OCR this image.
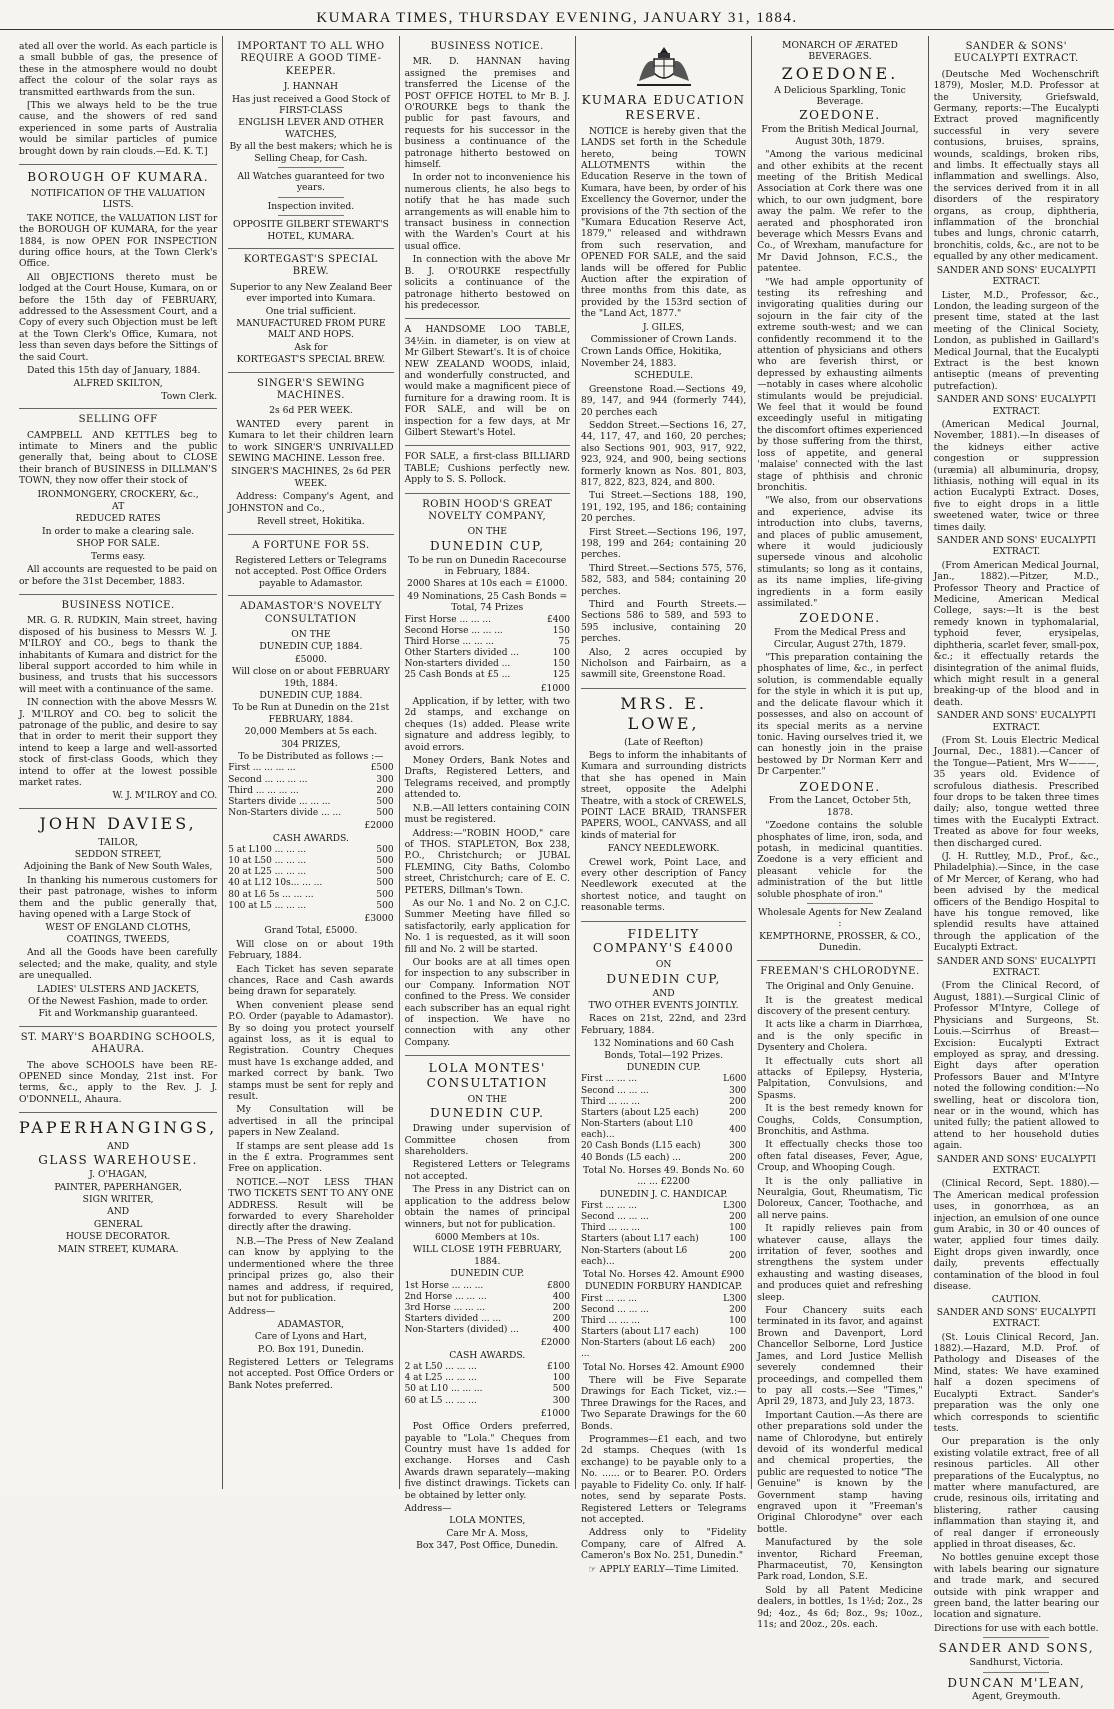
KUMARA TIMES, THURSDAY EVENING, JANUARY 31, 1884.

ated all over the world. As each particle is a small bubble of gas, the presence of these in the atmosphere would no doubt affect the colour of the solar rays as transmitted earthwards from the sun.

[This we always held to be the true cause, and the showers of red sand experienced in some parts of Australia would be similar particles of pumice brought down by rain clouds.—Ed. K. T.]

BOROUGH OF KUMARA.
NOTIFICATION OF THE VALUATION LISTS.

TAKE NOTICE, the VALUATION LIST for the BOROUGH OF KUMARA, for the year 1884, is now OPEN FOR INSPECTION during office hours, at the Town Clerk's Office.

All OBJECTIONS thereto must be lodged at the Court House, Kumara, on or before the 15th day of FEBRUARY, addressed to the Assessment Court, and a Copy of every such Objection must be left at the Town Clerk's Office, Kumara, not less than seven days before the Sittings of the said Court.

Dated this 15th day of January, 1884.

ALFRED SKILTON,
Town Clerk.
SELLING OFF

CAMPBELL AND KETTLES beg to intimate to Miners and the public generally that, being about to CLOSE their branch of BUSINESS in DILLMAN'S TOWN, they now offer their stock of

IRONMONGERY, CROCKERY, &c.,
AT
REDUCED RATES
In order to make a clearing sale.
SHOP FOR SALE.
Terms easy.

All accounts are requested to be paid on or before the 31st December, 1883.

BUSINESS NOTICE.

MR. G. R. RUDKIN, Main street, having disposed of his business to Messrs W. J. M'ILROY and CO., begs to thank the inhabitants of Kumara and district for the liberal support accorded to him while in business, and trusts that his successors will meet with a continuance of the same.

IN connection with the above Messrs W. J. M'ILROY and CO. beg to solicit the patronage of the public, and desire to say that in order to merit their support they intend to keep a large and well-assorted stock of first-class Goods, which they intend to offer at the lowest possible market rates.

W. J. M'ILROY and CO.
JOHN DAVIES,
TAILOR,
SEDDON STREET,
Adjoining the Bank of New South Wales,

In thanking his numerous customers for their past patronage, wishes to inform them and the public generally that, having opened with a Large Stock of

WEST OF ENGLAND CLOTHS, COATINGS, TWEEDS,

And all the Goods have been carefully selected; and the make, quality, and style are unequalled.

LADIES' ULSTERS AND JACKETS,
Of the Newest Fashion, made to order.
Fit and Workmanship guaranteed.
ST. MARY'S BOARDING SCHOOLS, AHAURA.

The above SCHOOLS have been RE-OPENED since Monday, 21st inst. For terms, &c., apply to the Rev. J. J. O'DONNELL, Ahaura.

PAPERHANGINGS,
AND
GLASS WAREHOUSE.
J. O'HAGAN,
PAINTER, PAPERHANGER,
SIGN WRITER,
AND
GENERAL
HOUSE DECORATOR.
MAIN STREET, KUMARA.
IMPORTANT TO ALL WHO REQUIRE A GOOD TIME-KEEPER.
J. HANNAH
Has just received a Good Stock of FIRST-CLASS
ENGLISH LEVER AND OTHER WATCHES,
By all the best makers; which he is Selling Cheap, for Cash.
All Watches guaranteed for two years.
Inspection invited.
OPPOSITE GILBERT STEWART'S HOTEL, KUMARA.
KORTEGAST'S SPECIAL BREW.
Superior to any New Zealand Beer ever imported into Kumara.
One trial sufficient.
MANUFACTURED FROM PURE MALT AND HOPS.
Ask for
KORTEGAST'S SPECIAL BREW.
SINGER'S SEWING MACHINES.
2s 6d PER WEEK.

WANTED every parent in Kumara to let their children learn to work SINGER'S UNRIVALLED SEWING MACHINE. Lesson free.

SINGER'S MACHINES, 2s 6d PER WEEK.

Address: Company's Agent, and JOHNSTON and Co.,

Revell street, Hokitika.
A FORTUNE FOR 5S.
Registered Letters or Telegrams not accepted. Post Office Orders payable to Adamastor.
ADAMASTOR'S NOVELTY CONSULTATION
ON THE
DUNEDIN CUP, 1884.
£5000.
Will close on or about FEBRUARY 19th, 1884.
DUNEDIN CUP, 1884.
To be Run at Dunedin on the 21st FEBRUARY, 1884.
20,000 Members at 5s each.
304 PRIZES,
To be Distributed as follows :—
First ... ... ... ...	£500
Second ... ... ... ...	300
Third ... ... ... ...	200
Starters divide ... ... ...	500
Non-Starters divide ... ...	500
£2000
CASH AWARDS.
5 at L100 ... ... ...	500
10 at L50 ... ... ...	500
20 at L25 ... ... ...	500
40 at L12 10s... ... ...	500
80 at L6 5s ... ... ...	500
100 at L5 ... ... ...	500
£3000
Grand Total, £5000.

Will close on or about 19th February, 1884.

Each Ticket has seven separate chances, Race and Cash awards being drawn for separately.

When convenient please send P.O. Order (payable to Adamastor). By so doing you protect yourself against loss, as it is equal to Registration. Country Cheques must have 1s exchange added, and marked correct by bank. Two stamps must be sent for reply and result.

My Consultation will be advertised in all the principal papers in New Zealand.

If stamps are sent please add 1s in the £ extra. Programmes sent Free on application.

NOTICE.—NOT LESS THAN TWO TICKETS SENT TO ANY ONE ADDRESS. Result will be forwarded to every Shareholder directly after the drawing.

N.B.—The Press of New Zealand can know by applying to the undermentioned where the three principal prizes go, also their names and address, if required, but not for publication.

Address—
ADAMASTOR,
Care of Lyons and Hart,
P.O. Box 191, Dunedin.

Registered Letters or Telegrams not accepted. Post Office Orders or Bank Notes preferred.

BUSINESS NOTICE.

MR. D. HANNAN having assigned the premises and transferred the License of the POST OFFICE HOTEL to Mr B. J. O'ROURKE begs to thank the public for past favours, and requests for his successor in the business a continuance of the patronage hitherto bestowed on himself.

In order not to inconvenience his numerous clients, he also begs to notify that he has made such arrangements as will enable him to transact business in connection with the Warden's Court at his usual office.

In connection with the above Mr B. J. O'ROURKE respectfully solicits a continuance of the patronage hitherto bestowed on his predecessor.

A HANDSOME LOO TABLE, 34½in. in diameter, is on view at Mr Gilbert Stewart's. It is of choice NEW ZEALAND WOODS, inlaid, and wonderfully constructed, and would make a magnificent piece of furniture for a drawing room. It is FOR SALE, and will be on inspection for a few days, at Mr Gilbert Stewart's Hotel.

FOR SALE, a first-class BILLIARD TABLE; Cushions perfectly new. Apply to S. S. Pollock.

ROBIN HOOD'S GREAT NOVELTY COMPANY,
ON THE
DUNEDIN CUP,
To be run on Dunedin Racecourse in February, 1884.
2000 Shares at 10s each = £1000.
49 Nominations, 25 Cash Bonds = Total, 74 Prizes
First Horse ... ... ...	£400
Second Horse ... ... ...	150
Third Horse ... ... ...	75
Other Starters divided ...	100
Non-starters divided ...	150
25 Cash Bonds at £5 ...	125
£1000

Application, if by letter, with two 2d stamps, and exchange on cheques (1s) added. Please write signature and address legibly, to avoid errors.

Money Orders, Bank Notes and Drafts, Registered Letters, and Telegrams received, and promptly attended to.

N.B.—All letters containing COIN must be registered.

Address:—"ROBIN HOOD," care of THOS. STAPLETON, Box 238, P.O., Christchurch; or JUBAL FLEMING, City Baths, Colombo street, Christchurch; care of E. C. PETERS, Dillman's Town.

As our No. 1 and No. 2 on C.J.C. Summer Meeting have filled so satisfactorily, early application for No. 1 is requested, as it will soon fill and No. 2 will be started.

Our books are at all times open for inspection to any subscriber in our Company. Information NOT confined to the Press. We consider each subscriber has an equal right of inspection. We have no connection with any other Company.

LOLA MONTES' CONSULTATION
ON THE
DUNEDIN CUP.

Drawing under supervision of Committee chosen from shareholders.

Registered Letters or Telegrams not accepted.

The Press in any District can on application to the address below obtain the names of principal winners, but not for publication.

6000 Members at 10s.
WILL CLOSE 19TH FEBRUARY, 1884.
DUNEDIN CUP.
1st Horse ... ... ...	£800
2nd Horse ... ... ...	400
3rd Horse ... ... ...	200
Starters divided ... ...	200
Non-Starters (divided) ...	400
£2000
CASH AWARDS.
2 at L50 ... ... ...	£100
4 at L25 ... ... ...	100
50 at L10 ... ... ...	500
60 at L5 ... ... ...	300
£1000

Post Office Orders preferred, payable to "Lola." Cheques from Country must have 1s added for exchange. Horses and Cash Awards drawn separately—making five distinct drawings. Tickets can be obtained by letter only.

Address—
LOLA MONTES,
Care Mr A. Moss,
Box 347, Post Office, Dunedin.
KUMARA EDUCATION RESERVE.

NOTICE is hereby given that the LANDS set forth in the Schedule hereto, being TOWN ALLOTMENTS within the Education Reserve in the town of Kumara, have been, by order of his Excellency the Governor, under the provisions of the 7th section of the "Kumara Education Reserve Act, 1879," released and withdrawn from such reservation, and OPENED FOR SALE, and the said lands will be offered for Public Auction after the expiration of three months from this date, as provided by the 153rd section of the "Land Act, 1877."

J. GILES,
Commissioner of Crown Lands.
Crown Lands Office, Hokitika, November 24, 1883.
SCHEDULE.

Greenstone Road.—Sections 49, 89, 147, and 944 (formerly 744), 20 perches each

Seddon Street.—Sections 16, 27, 44, 117, 47, and 160, 20 perches; also Sections 901, 903, 917, 922, 923, 924, and 900, being sections formerly known as Nos. 801, 803, 817, 822, 823, 824, and 800.

Tui Street.—Sections 188, 190, 191, 192, 195, and 186; containing 20 perches.

First Street.—Sections 196, 197, 198, 199 and 264; containing 20 perches.

Third Street.—Sections 575, 576, 582, 583, and 584; containing 20 perches.

Third and Fourth Streets.—Sections 586 to 589, and 593 to 595 inclusive, containing 20 perches.

Also, 2 acres occupied by Nicholson and Fairbairn, as a sawmill site, Greenstone Road.

MRS. E. LOWE,
(Late of Reefton)

Begs to inform the inhabitants of Kumara and surrounding districts that she has opened in Main street, opposite the Adelphi Theatre, with a stock of CREWELS, POINT LACE BRAID, TRANSFER PAPERS, WOOL, CANVASS, and all kinds of material for

FANCY NEEDLEWORK.

Crewel work, Point Lace, and every other description of Fancy Needlework executed at the shortest notice, and taught on reasonable terms.

FIDELITY COMPANY'S £4000
ON
DUNEDIN CUP,
AND
TWO OTHER EVENTS JOINTLY.

Races on 21st, 22nd, and 23rd February, 1884.

132 Nominations and 60 Cash Bonds, Total—192 Prizes.
DUNEDIN CUP.
First ... ... ...	L600
Second ... ... ...	300
Third ... ... ...	200
Starters (about L25 each)	200
Non-Starters (about L10 each)...	400
20 Cash Bonds (L15 each)	300
40 Bonds (L5 each) ...	200
Total No. Horses 49. Bonds No. 60 ... ... £2200
DUNEDIN J. C. HANDICAP.
First ... ... ...	L300
Second ... ... ...	200
Third ... ... ...	100
Starters (about L17 each)	100
Non-Starters (about L6 each)...	200
Total No. Horses 42. Amount £900
DUNEDIN FORBURY HANDICAP.
First ... ... ...	L300
Second ... ... ...	200
Third ... ... ...	100
Starters (about L17 each)	100
Non-Starters (about L6 each) ...	200
Total No. Horses 42. Amount £900

There will be Five Separate Drawings for Each Ticket, viz.:—Three Drawings for the Races, and Two Separate Drawings for the 60 Bonds.

Programmes—£1 each, and two 2d stamps. Cheques (with 1s exchange) to be payable only to a No. ...... or to Bearer. P.O. Orders payable to Fidelity Co. only. If half-notes, send by separate Posts. Registered Letters or Telegrams not accepted.

Address only to "Fidelity Company, care of Alfred A. Cameron's Box No. 251, Dunedin."

☞ APPLY EARLY—Time Limited.
MONARCH OF ÆRATED BEVERAGES.
ZOEDONE.
A Delicious Sparkling, Tonic Beverage.
ZOEDONE.
From the British Medical Journal, August 30th, 1879.

"Among the various medicinal and other exhibits at the recent meeting of the British Medical Association at Cork there was one which, to our own judgment, bore away the palm. We refer to the aerated and phosphorated iron beverage which Messrs Evans and Co., of Wrexham, manufacture for Mr David Johnson, F.C.S., the patentee.

"We had ample opportunity of testing its refreshing and invigorating qualities during our sojourn in the fair city of the extreme south-west; and we can confidently recommend it to the attention of physicians and others who are feverish thirst, or depressed by exhausting ailments—notably in cases where alcoholic stimulants would be prejudicial. We feel that it would be found exceedingly useful in mitigating the discomfort oftimes experienced by those suffering from the thirst, loss of appetite, and general 'malaise' connected with the last stage of phthisis and chronic bronchitis.

"We also, from our observations and experience, advise its introduction into clubs, taverns, and places of public amusement, where it would judiciously supersede vinous and alcoholic stimulants; so long as it contains, as its name implies, life-giving ingredients in a form easily assimilated."

ZOEDONE.
From the Medical Press and Circular, August 27th, 1879.

"This preparation containing the phosphates of lime, &c., in perfect solution, is commendable equally for the style in which it is put up, and the delicate flavour which it possesses, and also on account of its special merits as a nervine tonic. Having ourselves tried it, we can honestly join in the praise bestowed by Dr Norman Kerr and Dr Carpenter."

ZOEDONE.
From the Lancet, October 5th, 1878.

"Zoedone contains the soluble phosphates of lime, iron, soda, and potash, in medicinal quantities. Zoedone is a very efficient and pleasant vehicle for the administration of the but little soluble phosphate of iron."

Wholesale Agents for New Zealand :
KEMPTHORNE, PROSSER, & CO., Dunedin.
FREEMAN'S CHLORODYNE.
The Original and Only Genuine.

It is the greatest medical discovery of the present century.

It acts like a charm in Diarrhœa, and is the only specific in Dysentery and Cholera.

It effectually cuts short all attacks of Epilepsy, Hysteria, Palpitation, Convulsions, and Spasms.

It is the best remedy known for Coughs, Colds, Consumption, Bronchitis, and Asthma.

It effectually checks those too often fatal diseases, Fever, Ague, Croup, and Whooping Cough.

It is the only palliative in Neuralgia, Gout, Rheumatism, Tic Doloreux, Cancer, Toothache, and all nerve pains.

It rapidly relieves pain from whatever cause, allays the irritation of fever, soothes and strengthens the system under exhausting and wasting diseases, and produces quiet and refreshing sleep.

Four Chancery suits each terminated in its favor, and against Brown and Davenport, Lord Chancellor Selborne, Lord Justice James, and Lord Justice Mellish severely condemned their proceedings, and compelled them to pay all costs.—See "Times," April 29, 1873, and July 23, 1873.

Important Caution.—As there are other preparations sold under the name of Chlorodyne, but entirely devoid of its wonderful medical and chemical properties, the public are requested to notice "The Genuine" is known by the Government stamp having engraved upon it "Freeman's Original Chlorodyne" over each bottle.

Manufactured by the sole inventor, Richard Freeman, Pharmaceutist, 70, Kensington Park road, London, S.E.

Sold by all Patent Medicine dealers, in bottles, 1s 1½d; 2oz., 2s 9d; 4oz., 4s 6d; 8oz., 9s; 10oz., 11s; and 20oz., 20s. each.

SANDER & SONS' EUCALYPTI EXTRACT.

(Deutsche Med Wochenschrift 1879), Mosler, M.D. Professor at the University, Griefswald, Germany, reports:—The Eucalypti Extract proved magnificently successful in very severe contusions, bruises, sprains, wounds, scaldings, broken ribs, and limbs. It effectually stays all inflammation and swellings. Also, the services derived from it in all disorders of the respiratory organs, as croup, diphtheria, inflammation of the bronchial tubes and lungs, chronic catarrh, bronchitis, colds, &c., are not to be equalled by any other medicament.

SANDER AND SONS' EUCALYPTI EXTRACT.

Lister, M.D., Professor, &c., London, the leading surgeon of the present time, stated at the last meeting of the Clinical Society, London, as published in Gaillard's Medical Journal, that the Eucalypti Extract is the best known antiseptic (means of preventing putrefaction).

SANDER AND SONS' EUCALYPTI EXTRACT.

(American Medical Journal, November, 1881).—In diseases of the kidneys either active congestion or suppression (uræmia) all albuminuria, dropsy, lithiasis, nothing will equal in its action Eucalypti Extract. Doses, five to eight drops in a little sweetened water, twice or three times daily.

SANDER AND SONS' EUCALYPTI EXTRACT.

(From American Medical Journal, Jan., 1882).—Pitzer, M.D., Professor Theory and Practice of Medicine, American Medical College, says:—It is the best remedy known in typhomalarial, typhoid fever, erysipelas, diphtheria, scarlet fever, small-pox, &c.; it effectually retards the disintegration of the animal fluids, which might result in a general breaking-up of the blood and in death.

SANDER AND SONS' EUCALYPTI EXTRACT.

(From St. Louis Electric Medical Journal, Dec., 1881).—Cancer of the Tongue—Patient, Mrs W———, 35 years old. Evidence of scrofulous diathesis. Prescribed four drops to be taken three times daily; also, tongue wetted three times with the Eucalypti Extract. Treated as above for four weeks, then discharged cured.

(J. H. Ruttley, M.D., Prof., &c., Philadelphia).—Since, in the case of Mr Mercer, of Kerang, who had been advised by the medical officers of the Bendigo Hospital to have his tongue removed, like splendid results have attained through the application of the Eucalypti Extract.

SANDER AND SONS' EUCALYPTI EXTRACT.

(From the Clinical Record, of August, 1881).—Surgical Clinic of Professor M'Intyre, College of Physicians and Surgeons, St. Louis.—Scirrhus of Breast—Excision: Eucalypti Extract employed as spray, and dressing. Eight days after operation Professors Bauer and M'Intyre noted the following condition:—No swelling, heat or discolora tion, near or in the wound, which has united fully; the patient allowed to attend to her household duties again.

SANDER AND SONS' EUCALYPTI EXTRACT.

(Clinical Record, Sept. 1880).—The American medical profession uses, in gonorrhœa, as an injection, an emulsion of one ounce gum Arabic, in 30 or 40 ounces of water, applied four times daily. Eight drops given inwardly, once daily, prevents effectually contamination of the blood in foul disease.

CAUTION.
SANDER AND SONS' EUCALYPTI EXTRACT.

(St. Louis Clinical Record, Jan. 1882).—Hazard, M.D. Prof. of Pathology and Diseases of the Mind, states: We have examined half a dozen specimens of Eucalypti Extract. Sander's preparation was the only one which corresponds to scientific tests.

Our preparation is the only existing volatile extract, free of all resinous particles. All other preparations of the Eucalyptus, no matter where manufactured, are crude, resinous oils, irritating and blistering, rather causing inflammation than staying it, and of real danger if erroneously applied in throat diseases, &c.

No bottles genuine except those with labels bearing our signature and trade mark, and secured outside with pink wrapper and green band, the latter bearing our location and signature.

Directions for use with each bottle.
SANDER AND SONS,
Sandhurst, Victoria.
DUNCAN M'LEAN,
Agent, Greymouth.
